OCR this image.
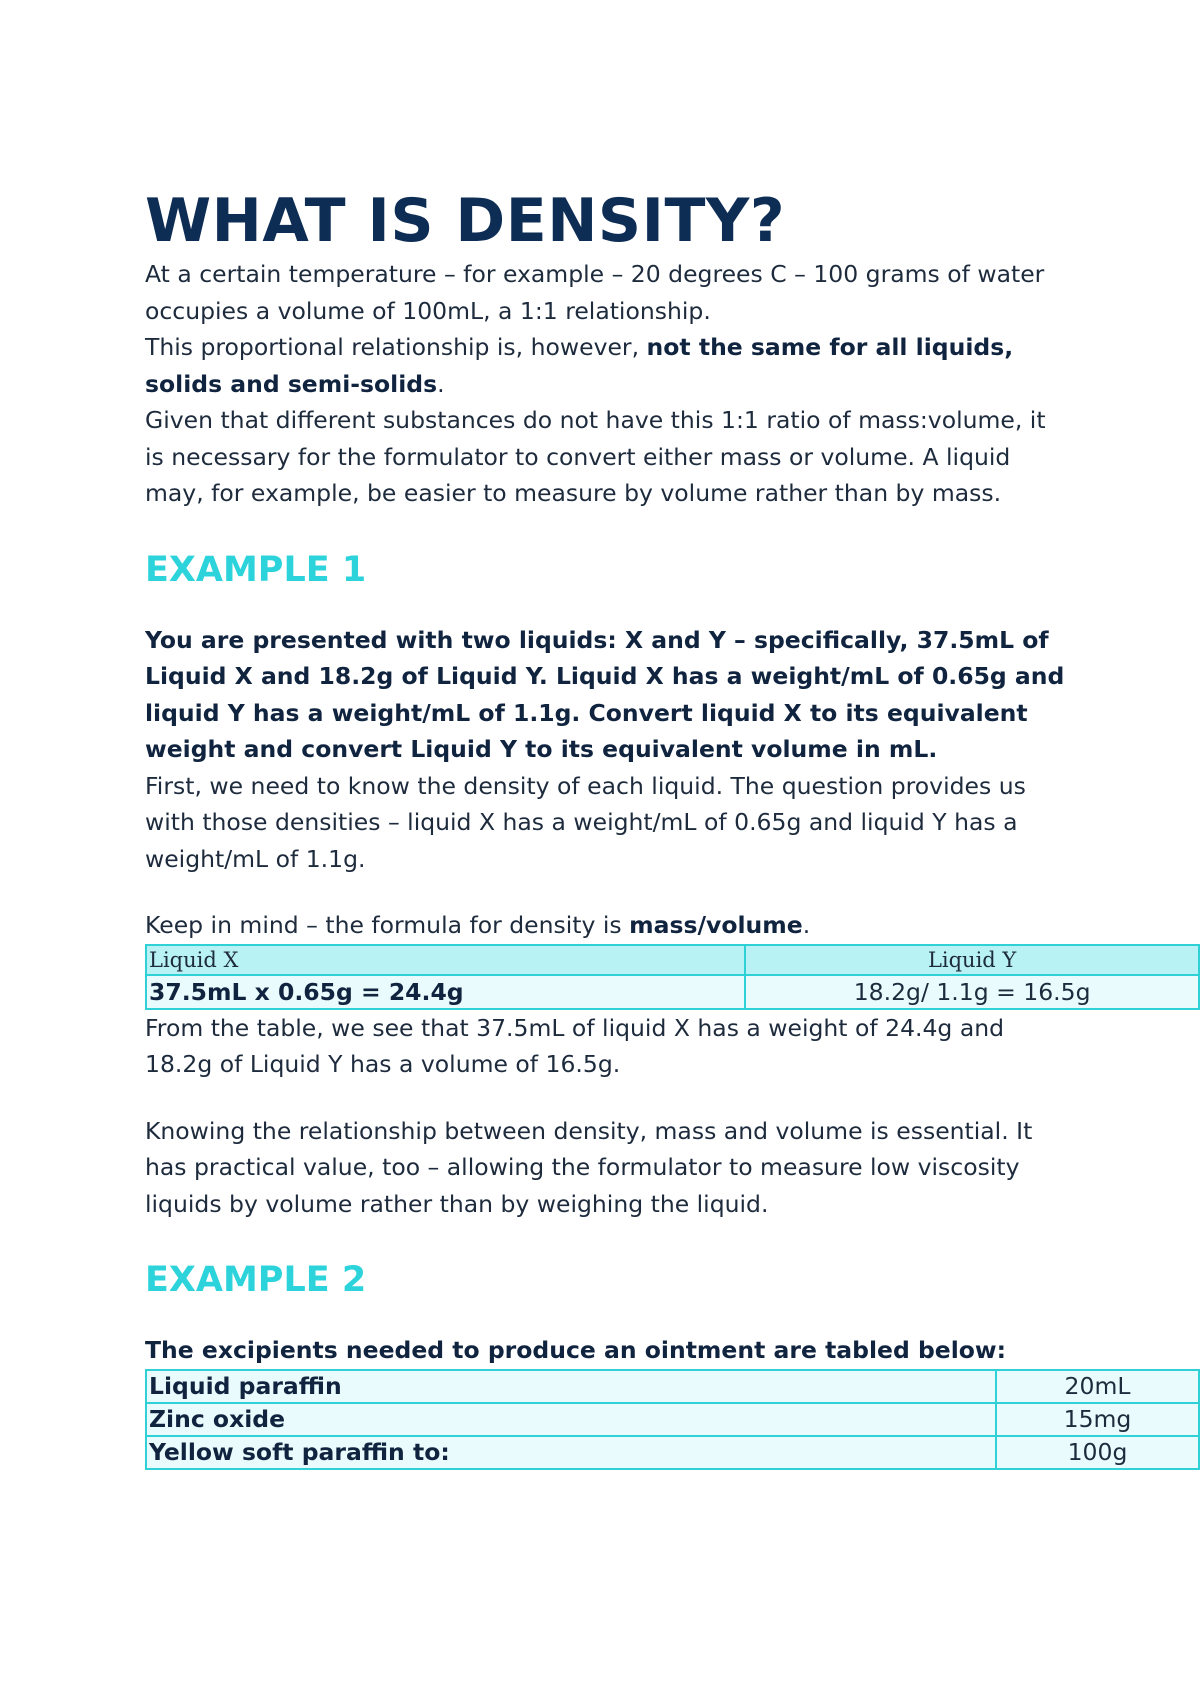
WHAT IS DENSITY?

At a certain temperature – for example – 20 degrees C – 100 grams of water occupies a volume of 100mL, a 1:1 relationship.

This proportional relationship is, however, not the same for all liquids, solids and semi-solids.

Given that different substances do not have this 1:1 ratio of mass:volume, it is necessary for the formulator to convert either mass or volume. A liquid may, for example, be easier to measure by volume rather than by mass.

EXAMPLE 1

You are presented with two liquids: X and Y – specifically, 37.5mL of Liquid X and 18.2g of Liquid Y. Liquid X has a weight/mL of 0.65g and liquid Y has a weight/mL of 1.1g. Convert liquid X to its equivalent weight and convert Liquid Y to its equivalent volume in mL.

First, we need to know the density of each liquid. The question provides us with those densities – liquid X has a weight/mL of 0.65g and liquid Y has a weight/mL of 1.1g.

Keep in mind – the formula for density is mass/volume.

Liquid X	Liquid Y
37.5mL x 0.65g = 24.4g	18.2g/ 1.1g = 16.5g

From the table, we see that 37.5mL of liquid X has a weight of 24.4g and 18.2g of Liquid Y has a volume of 16.5g.

Knowing the relationship between density, mass and volume is essential. It has practical value, too – allowing the formulator to measure low viscosity liquids by volume rather than by weighing the liquid.

EXAMPLE 2

The excipients needed to produce an ointment are tabled below:

Liquid paraffin	20mL
Zinc oxide	15mg
Yellow soft paraffin to:	100g
